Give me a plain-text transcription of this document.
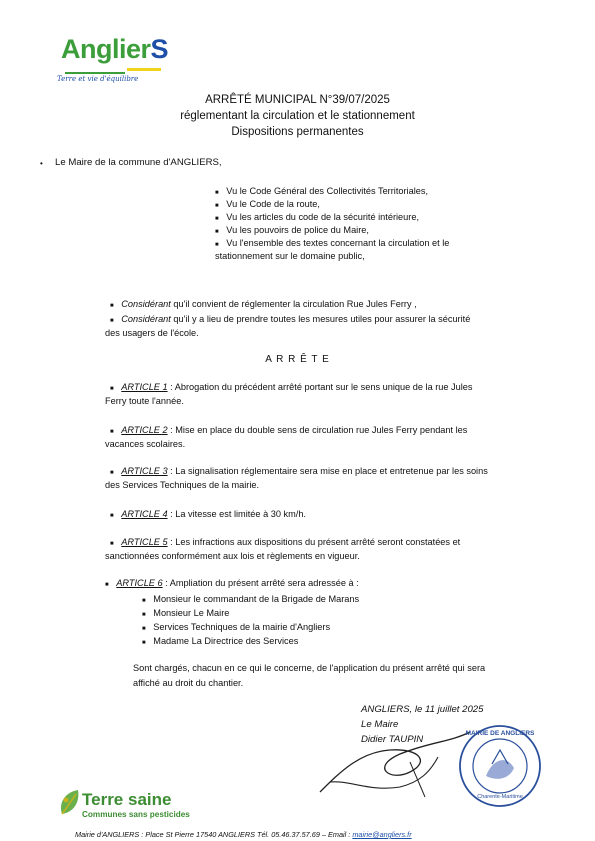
AnglierS
Terre et vie d'équilibre
ARRÊTÉ MUNICIPAL N°39/07/2025
réglementant la circulation et le stationnement
Dispositions permanentes
• Le Maire de la commune d'ANGLIERS,
■ Vu le Code Général des Collectivités Territoriales,
■ Vu le Code de la route,
■ Vu les articles du code de la sécurité intérieure,
■ Vu les pouvoirs de police du Maire,
■ Vu l'ensemble des textes concernant la circulation et le
stationnement sur le domaine public,
■ Considérant qu'il convient de réglementer la circulation Rue Jules Ferry ,
■ Considérant qu'il y a lieu de prendre toutes les mesures utiles pour assurer la sécurité
des usagers de l'école.
A R R Ê T E
■ ARTICLE 1 : Abrogation du précédent arrêté portant sur le sens unique de la rue Jules
Ferry toute l'année.
■ ARTICLE 2 : Mise en place du double sens de circulation rue Jules Ferry pendant les
vacances scolaires.
■ ARTICLE 3 : La signalisation réglementaire sera mise en place et entretenue par les soins
des Services Techniques de la mairie.
■ ARTICLE 4 : La vitesse est limitée à 30 km/h.
■ ARTICLE 5 : Les infractions aux dispositions du présent arrêté seront constatées et
sanctionnées conformément aux lois et règlements en vigueur.
■ ARTICLE 6 : Ampliation du présent arrêté sera adressée à :
■ Monsieur le commandant de la Brigade de Marans
■ Monsieur Le Maire
■ Services Techniques de la mairie d'Angliers
■ Madame La Directrice des Services
Sont chargés, chacun en ce qui le concerne, de l'application du présent arrêté qui sera
affiché au droit du chantier.
ANGLIERS, le 11 juillet 2025
Le Maire
Didier TAUPIN
MAIRIE DE ANGLIERS
Charente-Maritime
Terre saine
Communes sans pesticides
Mairie d'ANGLIERS : Place St Pierre 17540 ANGLIERS Tél. 05.46.37.57.69 – Email : mairie@angliers.fr
